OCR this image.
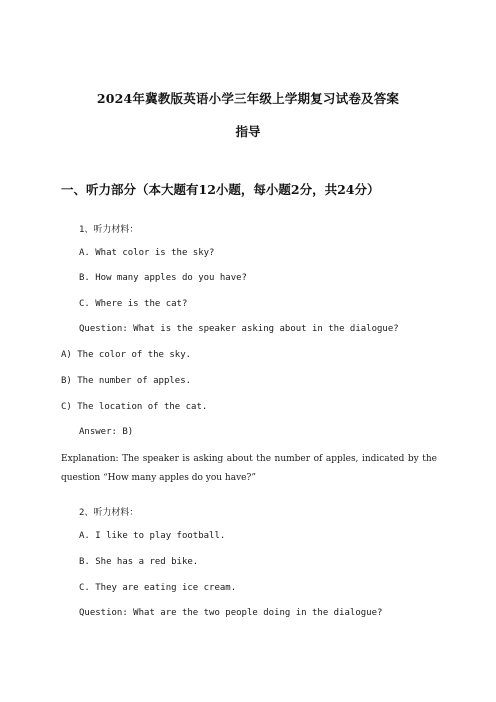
2024年冀教版英语小学三年级上学期复习试卷及答案
指导
一、听力部分（本大题有12小题，每小题2分，共24分）
1、听力材料：
A. What color is the sky?
B. How many apples do you have?
C. Where is the cat?
Question: What is the speaker asking about in the dialogue?
A) The color of the sky.
B) The number of apples.
C) The location of the cat.
Answer: B)
Explanation: The speaker is asking about the number of apples, indicated by the question “How many apples do you have?”
2、听力材料：
A. I like to play football.
B. She has a red bike.
C. They are eating ice cream.
Question: What are the two people doing in the dialogue?
